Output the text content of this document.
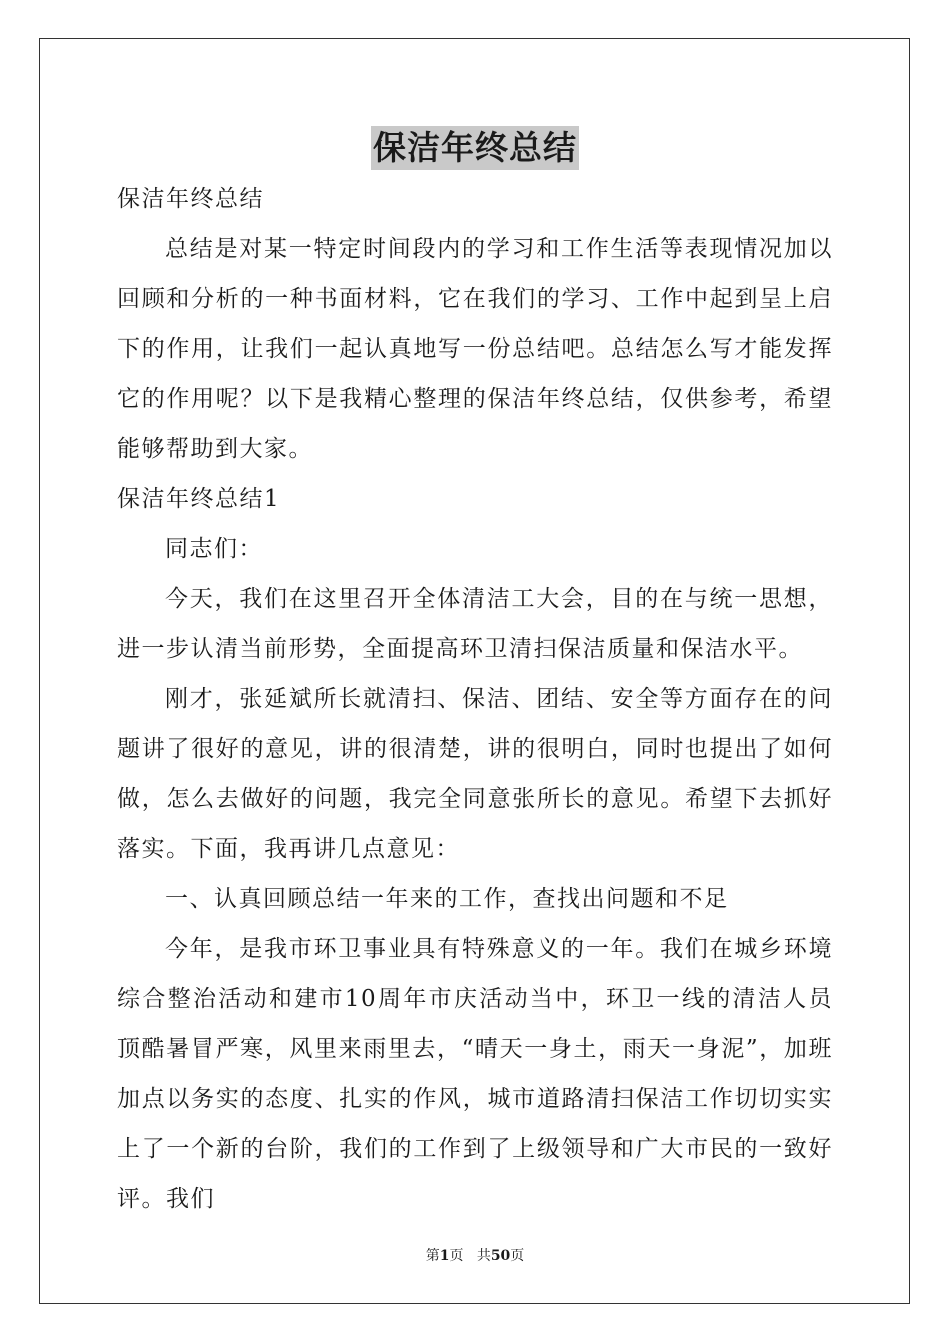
保洁年终总结

保洁年终总结

总结是对某一特定时间段内的学习和工作生活等表现情况加以回顾和分析的一种书面材料，它在我们的学习、工作中起到呈上启下的作用，让我们一起认真地写一份总结吧。总结怎么写才能发挥它的作用呢？以下是我精心整理的保洁年终总结，仅供参考，希望能够帮助到大家。

保洁年终总结1

同志们：

今天，我们在这里召开全体清洁工大会，目的在与统一思想，进一步认清当前形势，全面提高环卫清扫保洁质量和保洁水平。

刚才，张延斌所长就清扫、保洁、团结、安全等方面存在的问题讲了很好的意见，讲的很清楚，讲的很明白，同时也提出了如何做，怎么去做好的问题，我完全同意张所长的意见。希望下去抓好落实。下面，我再讲几点意见：

一、认真回顾总结一年来的工作，查找出问题和不足

今年，是我市环卫事业具有特殊意义的一年。我们在城乡环境综合整治活动和建市10周年市庆活动当中，环卫一线的清洁人员顶酷暑冒严寒，风里来雨里去，“晴天一身土，雨天一身泥”，加班加点以务实的态度、扎实的作风，城市道路清扫保洁工作切切实实上了一个新的台阶，我们的工作到了上级领导和广大市民的一致好评。我们

第1页 共50页
